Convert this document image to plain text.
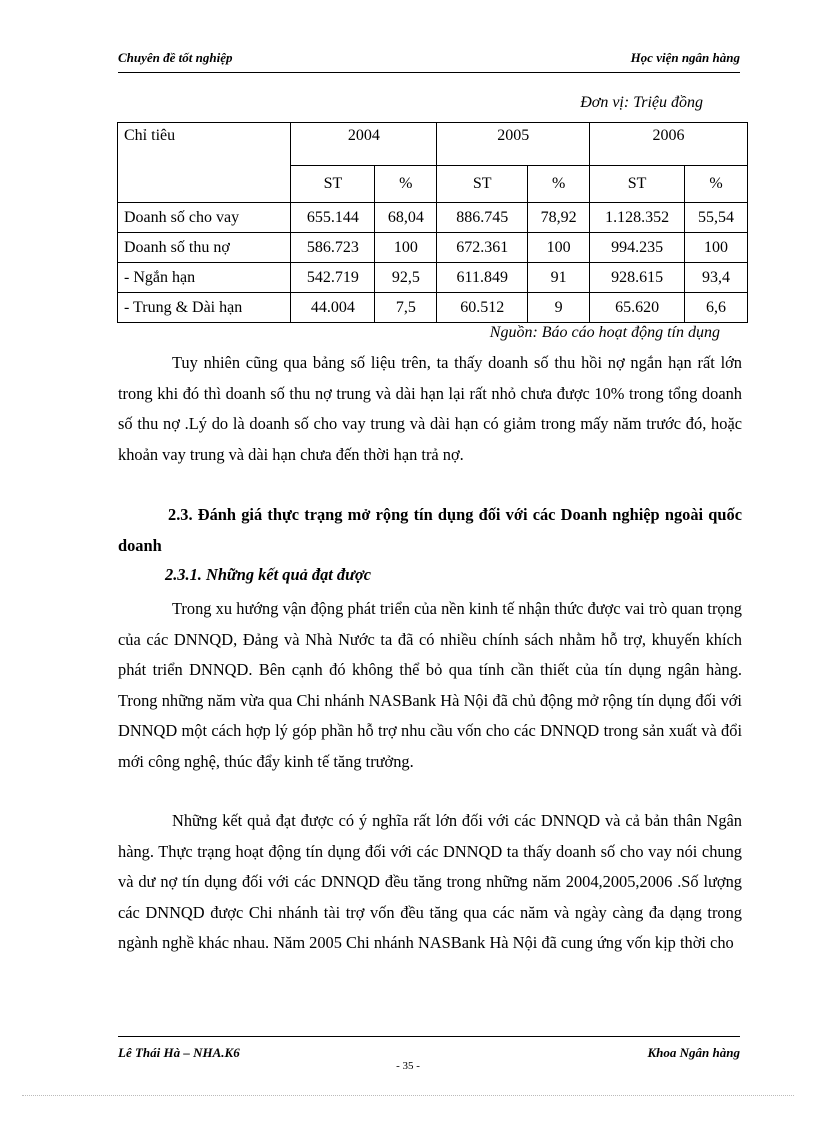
Chuyên đề tốt nghiệp	Học viện ngân hàng
Đơn vị: Triệu đồng
Chỉ tiêu	2004		2005		2006	
	ST	%	ST	%	ST	%
Doanh số cho vay	655.144	68,04	886.745	78,92	1.128.352	55,54
Doanh số thu nợ	586.723	100	672.361	100	994.235	100
- Ngắn hạn	542.719	92,5	611.849	91	928.615	93,4
- Trung & Dài hạn	44.004	7,5	60.512	9	65.620	6,6
Nguồn: Báo cáo hoạt động tín dụng

Tuy nhiên cũng qua bảng số liệu trên, ta thấy doanh số thu hồi nợ ngắn hạn rất lớn trong khi đó thì doanh số thu nợ trung và dài hạn lại rất nhỏ chưa được 10% trong tổng doanh số thu nợ .Lý do là doanh số cho vay trung và dài hạn có giảm trong mấy năm trước đó, hoặc khoản vay trung và dài hạn chưa đến thời hạn trả nợ.

2.3. Đánh giá thực trạng mở rộng tín dụng đối với các Doanh nghiệp ngoài quốc doanh

2.3.1. Những kết quả đạt được

Trong xu hướng vận động phát triển của nền kinh tế nhận thức được vai trò quan trọng của các DNNQD, Đảng và Nhà Nước ta đã có nhiều chính sách nhằm hỗ trợ, khuyến khích phát triển DNNQD. Bên cạnh đó không thể bỏ qua tính cần thiết của tín dụng ngân hàng. Trong những năm vừa qua Chi nhánh NASBank Hà Nội đã chủ động mở rộng tín dụng đối với DNNQD một cách hợp lý góp phần hỗ trợ nhu cầu vốn cho các DNNQD trong sản xuất và đổi mới công nghệ, thúc đẩy kinh tế tăng trưởng.

Những kết quả đạt được có ý nghĩa rất lớn đối với các DNNQD và cả bản thân Ngân hàng. Thực trạng hoạt động tín dụng đối với các DNNQD ta thấy doanh số cho vay nói chung và dư nợ tín dụng đối với các DNNQD đều tăng trong những năm 2004,2005,2006 .Số lượng các DNNQD được Chi nhánh tài trợ vốn đều tăng qua các năm và ngày càng đa dạng trong ngành nghề khác nhau. Năm 2005 Chi nhánh NASBank Hà Nội đã cung ứng vốn kịp thời cho

Lê Thái Hà – NHA.K6	Khoa Ngân hàng
- 35 -
